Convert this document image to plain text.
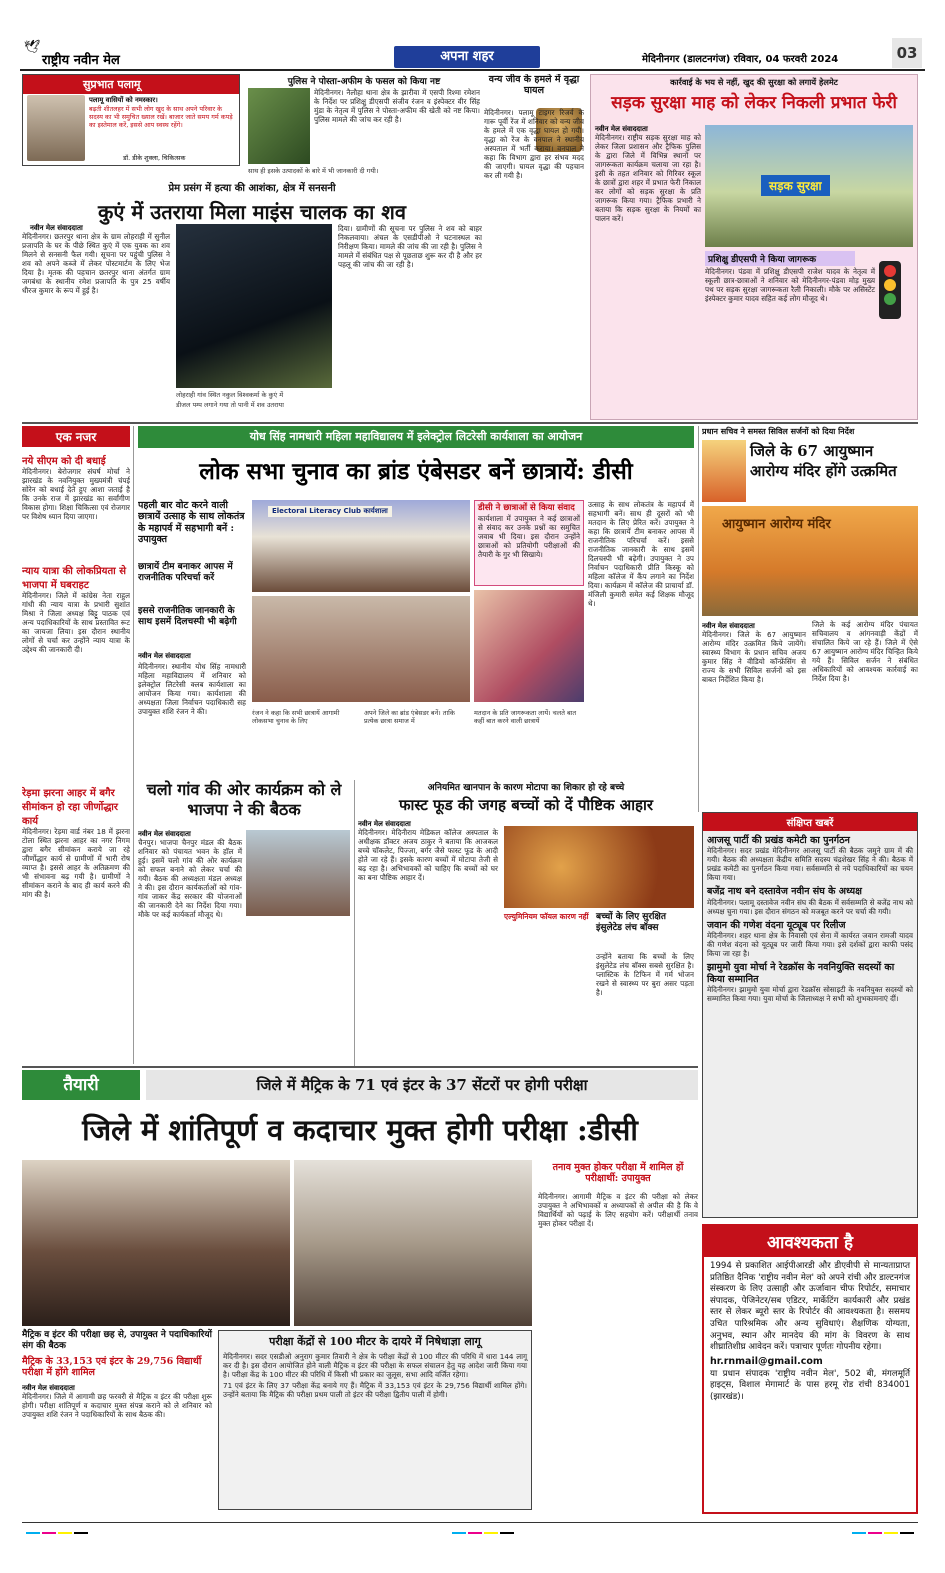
🕊
राष्ट्रीय नवीन मेल	अपना शहर	मेदिनीनगर (डालटनगंज) रविवार, 04 फरवरी 2024	03
सुप्रभात पलामू
पलामू वासियों को नमस्कार।
बढ़ती शीतलहर में सभी लोग खुद के साथ अपने परिवार के सदस्य का भी समुचित ख्याल रखें। बाजार जाते समय गर्म कपड़े का इस्तेमाल करें, इससे आप स्वस्थ रहेंगे।
डॉ. डीके शुक्ला, चिकित्सक
पुलिस ने पोस्ता-अफीम के फसल को किया नष्ट
मेदिनीनगर। नैलौहा थाना क्षेत्र के झारीवा में एसपी रिश्मा रमेशन के निर्देश पर प्रशिक्षु डीएसपी संजीव रंजन व इंस्पेक्टर वीर सिंह मुंडा के नेतृत्व में पुलिस ने पोस्ता-अफीम की खेती को नष्ट किया। पुलिस मामले की जांच कर रही है।
साथ ही इसके उत्पादकों के बारे में भी जानकारी दी गयी।
वन्य जीव के हमले में वृद्धा घायल
मेदिनीनगर। पलामू टाइगर रिजर्व के गारू पूर्वी रेंज में शनिवार को वन्य जीव के हमले में एक वृद्धा घायल हो गयी। वृद्धा को रेंज के वनपाल ने स्थानीय अस्पताल में भर्ती कराया। वनपाल ने कहा कि विभाग द्वारा हर संभव मदद की जाएगी। घायल वृद्धा की पहचान कर ली गयी है।
कार्रवाई के भय से नहीं, खुद की सुरक्षा को लगायें हेलमेट
सड़क सुरक्षा माह को लेकर निकली प्रभात फेरी
नवीन मेल संवाददाता
मेदिनीनगर। राष्ट्रीय सड़क सुरक्षा माह को लेकर जिला प्रशासन और ट्रैफिक पुलिस के द्वारा जिले में विभिन्न स्थानों पर जागरूकता कार्यक्रम चलाया जा रहा है। इसी के तहत शनिवार को गिरिवर स्कूल के छात्रों द्वारा शहर में प्रभात फेरी निकाल कर लोगों को सड़क सुरक्षा के प्रति जागरूक किया गया। ट्रैफिक प्रभारी ने बताया कि सड़क सुरक्षा के नियमों का पालन करें।
सड़क सुरक्षा
प्रशिक्षु डीएसपी ने किया जागरूक
मेदिनीनगर। पंडवा में प्रशिक्षु डीएसपी राजेश यादव के नेतृत्व में स्कूली छात्र-छात्राओं ने शनिवार को मेदिनीनगर-पंडवा मोड़ मुख्य पथ पर सड़क सुरक्षा जागरूकता रैली निकाली। मौके पर असिस्टेंट इंस्पेक्टर कुमार यादव सहित कई लोग मौजूद थे।
प्रेम प्रसंग में हत्या की आशंका, क्षेत्र में सनसनी
कुएं में उतराया मिला माइंस चालक का शव
नवीन मेल संवाददाता
मेदिनीनगर। छतरपुर थाना क्षेत्र के ग्राम लोहराही में सुनील प्रजापति के घर के पीछे स्थित कुएं में एक युवक का शव मिलने से सनसनी फैल गयी। सूचना पर पहुंची पुलिस ने शव को अपने कब्जे में लेकर पोस्टमार्टम के लिए भेज दिया है। मृतक की पहचान छतरपुर थाना अंतर्गत ग्राम जगबंधा के स्थानीय रमेश प्रजापति के पुत्र 25 वर्षीय धीरज कुमार के रूप में हुई है।
लोहराही गांव स्थित नकुल विश्वकर्मा के कुएं में
डीजल पम्प लगाने गया तो पानी में शव उतराया
दिया। ग्रामीणों की सूचना पर पुलिस ने शव को बाहर निकलवाया। अंचल के एसडीपीओ ने घटनास्थल का निरीक्षण किया। मामले की जांच की जा रही है। पुलिस ने मामले में संबंधित पक्ष से पूछताछ शुरू कर दी है और हर पहलू की जांच की जा रही है।
एक नजर
नये सीएम को दी बधाई
मेदिनीनगर। बेरोजगार संघर्ष मोर्चा ने झारखंड के नवनियुक्त मुख्यमंत्री चंपई सोरेन को बधाई देते हुए आशा जताई है कि उनके राज में झारखंड का सर्वांगीण विकास होगा। शिक्षा चिकित्सा एवं रोजगार पर विशेष ध्यान दिया जाएगा।
न्याय यात्रा की लोकप्रियता से भाजपा में घबराहट
मेदिनीनगर। जिले में कांग्रेस नेता राहुल गांधी की न्याय यात्रा के प्रभारी सुशांत मिश्रा ने जिला अध्यक्ष बिट्टू पाठक एवं अन्य पदाधिकारियों के साथ प्रस्तावित रूट का जायजा लिया। इस दौरान स्थानीय लोगों से चर्चा कर उन्होंने न्याय यात्रा के उद्देश्य की जानकारी दी।
रेड़मा झरना आहर में बगैर सीमांकन हो रहा जीर्णोद्धार कार्य
मेदिनीनगर। रेड़मा वार्ड नंबर 18 में झरना टोला स्थित झरना आहर का नगर निगम द्वारा बगैर सीमांकन कराये जा रहे जीर्णोद्धार कार्य से ग्रामीणों में भारी रोष व्याप्त है। इससे आहर के अतिक्रमण की भी संभावना बढ़ गयी है। ग्रामीणों ने सीमांकन कराने के बाद ही कार्य करने की मांग की है।
योध सिंह नामधारी महिला महाविद्यालय में इलेक्ट्रोल लिटरेसी कार्यशाला का आयोजन
लोक सभा चुनाव का ब्रांड एंबेसडर बनें छात्रायें: डीसी
पहली बार वोट करने वाली छात्रायें उत्साह के साथ लोकतंत्र के महापर्व में सहभागी बनें : उपायुक्त
छात्रायें टीम बनाकर आपस में राजनीतिक परिचर्चा करें
इससे राजनीतिक जानकारी के साथ इसमें दिलचस्पी भी बढ़ेगी
नवीन मेल संवाददाता
मेदिनीनगर। स्थानीय योध सिंह नामधारी महिला महाविद्यालय में शनिवार को इलेक्ट्रोल लिटरेसी क्लब कार्यशाला का आयोजन किया गया। कार्यशाला की अध्यक्षता जिला निर्वाचन पदाधिकारी सह उपायुक्त शशि रंजन ने की।
Electoral Literacy Club कार्यशाला
रंजन ने कहा कि सभी छात्रायें आगामी लोकसभा चुनाव के लिए
अपने जिले का ब्रांड एंबेसडर बनें। ताकि प्रत्येक छात्रा समाज में
डीसी ने छात्राओं से किया संवाद
कार्यशाला में उपायुक्त ने कई छात्राओं से संवाद कर उनके प्रश्नों का समुचित जवाब भी दिया। इस दौरान उन्होंने छात्राओं को प्रतियोगी परीक्षाओं की तैयारी के गुर भी सिखाये।
मतदान के प्रति जागरूकता लायें। चलते बात कहीं बात करने वाली छात्रायें
उत्साह के साथ लोकतंत्र के महापर्व में सहभागी बनें। साथ ही दूसरों को भी मतदान के लिए प्रेरित करें। उपायुक्त ने कहा कि छात्रायें टीम बनाकर आपस में राजनीतिक परिचर्चा करें। इससे राजनीतिक जानकारी के साथ इसमें दिलचस्पी भी बढ़ेगी। उपायुक्त ने उप निर्वाचन पदाधिकारी प्रीति किस्कू को महिला कॉलेज में कैंप लगाने का निर्देश दिया। कार्यक्रम में कॉलेज की प्राचार्या डॉ. मंजिली कुमारी समेत कई शिक्षक मौजूद थे।
प्रधान सचिव ने समस्त सिविल सर्जनों को दिया निर्देश
जिले के 67 आयुष्मान आरोग्य मंदिर होंगे उत्क्रमित
आयुष्मान आरोग्य मंदिर
नवीन मेल संवाददाता
मेदिनीनगर। जिले के 67 आयुष्मान आरोग्य मंदिर उत्क्रमित किये जायेंगे। स्वास्थ्य विभाग के प्रधान सचिव अजय कुमार सिंह ने वीडियो कॉन्फ्रेंसिंग से राज्य के सभी सिविल सर्जनों को इस बाबत निर्देशित किया है।
जिले के कई आरोग्य मंदिर पंचायत सचिवालय व आंगनवाड़ी केंद्रों में संचालित किये जा रहे हैं। जिले में ऐसे 67 आयुष्मान आरोग्य मंदिर चिन्हित किये गये हैं। सिविल सर्जन ने संबंधित अधिकारियों को आवश्यक कार्रवाई का निर्देश दिया है।
चलो गांव की ओर कार्यक्रम को ले भाजपा ने की बैठक
नवीन मेल संवाददाता
चैनपुर। भाजपा चैनपुर मंडल की बैठक शनिवार को पंचायत भवन के हॉल में हुई। इसमें चलो गांव की ओर कार्यक्रम को सफल बनाने को लेकर चर्चा की गयी। बैठक की अध्यक्षता मंडल अध्यक्ष ने की। इस दौरान कार्यकर्ताओं को गांव-गांव जाकर केंद्र सरकार की योजनाओं की जानकारी देने का निर्देश दिया गया। मौके पर कई कार्यकर्ता मौजूद थे।
अनियमित खानपान के कारण मोटापा का शिकार हो रहे बच्चे
फास्ट फूड की जगह बच्चों को दें पौष्टिक आहार
नवीन मेल संवाददाता
मेदिनीनगर। मेदिनीराय मेडिकल कॉलेज अस्पताल के अधीक्षक डॉक्टर अजय ठाकुर ने बताया कि आजकल बच्चे चॉकलेट, पिज्जा, बर्गर जैसे फास्ट फूड के आदी होते जा रहे हैं। इसके कारण बच्चों में मोटापा तेजी से बढ़ रहा है। अभिभावकों को चाहिए कि बच्चों को घर का बना पौष्टिक आहार दें।
एल्युमिनियम फॉयल कारण नहीं बच्चों के लिए सुरक्षित इंसुलेटेड लंच बॉक्स
उन्होंने बताया कि बच्चों के लिए इंसुलेटेड लंच बॉक्स सबसे सुरक्षित है। प्लास्टिक के टिफिन में गर्म भोजन रखने से स्वास्थ्य पर बुरा असर पड़ता है।
संक्षिप्त खबरें
आजसू पार्टी की प्रखंड कमेटी का पुनर्गठन
मेदिनीनगर। सदर प्रखंड मेदिनीनगर आजसू पार्टी की बैठक जमुने ग्राम में की गयी। बैठक की अध्यक्षता केंद्रीय समिति सदस्य चंद्रशेखर सिंह ने की। बैठक में प्रखंड कमेटी का पुनर्गठन किया गया। सर्वसम्मति से नये पदाधिकारियों का चयन किया गया।
बजेंद्र नाथ बने दस्तावेज नवीन संघ के अध्यक्ष
मेदिनीनगर। पलामू दस्तावेज नवीन संघ की बैठक में सर्वसम्मति से बजेंद्र नाथ को अध्यक्ष चुना गया। इस दौरान संगठन को मजबूत करने पर चर्चा की गयी।
जवान की गणेश वंदना यूट्यूब पर रिलीज
मेदिनीनगर। शहर थाना क्षेत्र के निवासी एवं सेना में कार्यरत जवान रामजी यादव की गणेश वंदना को यूट्यूब पर जारी किया गया। इसे दर्शकों द्वारा काफी पसंद किया जा रहा है।
झामुमो युवा मोर्चा ने रेडक्रॉस के नवनियुक्ति सदस्यों का किया सम्मानित
मेदिनीनगर। झामुमो युवा मोर्चा द्वारा रेडक्रॉस सोसाइटी के नवनियुक्त सदस्यों को सम्मानित किया गया। युवा मोर्चा के जिलाध्यक्ष ने सभी को शुभकामनाएं दीं।
तैयारी	जिले में मैट्रिक के 71 एवं इंटर के 37 सेंटरों पर होगी परीक्षा
जिले में शांतिपूर्ण व कदाचार मुक्त होगी परीक्षा :डीसी
मैट्रिक व इंटर की परीक्षा छह से, उपायुक्त ने पदाधिकारियों संग की बैठक
मैट्रिक के 33,153 एवं इंटर के 29,756 विद्यार्थी परीक्षा में होंगे शामिल
नवीन मेल संवाददाता
मेदिनीनगर। जिले में आगामी छह फरवरी से मैट्रिक व इंटर की परीक्षा शुरू होगी। परीक्षा शांतिपूर्ण व कदाचार मुक्त संपन्न कराने को ले शनिवार को उपायुक्त शशि रंजन ने पदाधिकारियों के साथ बैठक की।
परीक्षा केंद्रों से 100 मीटर के दायरे में निषेधाज्ञा लागू
मेदिनीनगर। सदर एसडीओ अनुराग कुमार तिवारी ने क्षेत्र के परीक्षा केंद्रों से 100 मीटर की परिधि में धारा 144 लागू कर दी है। इस दौरान आयोजित होने वाली मैट्रिक व इंटर की परीक्षा के सफल संचालन हेतु यह आदेश जारी किया गया है। परीक्षा केंद्र के 100 मीटर की परिधि में किसी भी प्रकार का जुलूस, सभा आदि वर्जित रहेगा।
71 एवं इंटर के लिए 37 परीक्षा केंद्र बनाये गए हैं। मैट्रिक में 33,153 एवं इंटर के 29,756 विद्यार्थी शामिल होंगे। उन्होंने बताया कि मैट्रिक की परीक्षा प्रथम पाली तो इंटर की परीक्षा द्वितीय पाली में होगी।
तनाव मुक्त होकर परीक्षा में शामिल हों परीक्षार्थी: उपायुक्त
मेदिनीनगर। आगामी मैट्रिक व इंटर की परीक्षा को लेकर उपायुक्त ने अभिभावकों व अध्यापकों से अपील की है कि वे विद्यार्थियों को पढ़ाई के लिए सहयोग करें। परीक्षार्थी तनाव मुक्त होकर परीक्षा दें।
आवश्यकता है
1994 से प्रकाशित आईपीआरडी और डीएवीपी से मान्यताप्राप्त प्रतिष्ठित दैनिक 'राष्ट्रीय नवीन मेल' को अपने रांची और डाल्टनगंज संस्करण के लिए उत्साही और ऊर्जावान चीफ रिपोर्टर, समाचार संपादक, पेजिनेटर/सब एडिटर, मार्केटिंग कार्यकारी और प्रखंड स्तर से लेकर ब्यूरो स्तर के रिपोर्टर की आवश्यकता है। ससमय उचित पारिश्रमिक और अन्य सुविधाएं। शैक्षणिक योग्यता, अनुभव, स्थान और मानदेय की मांग के विवरण के साथ शीघ्रातिशीघ्र आवेदन करें। पत्राचार पूर्णतः गोपनीय रहेगा।
hr.rnmail@gmail.com
या प्रधान संपादक 'राष्ट्रीय नवीन मेल', 502 बी, मंगलमूर्ति हाइट्स, विशाल मेगामार्ट के पास हरमू रोड रांची 834001 (झारखंड)।
